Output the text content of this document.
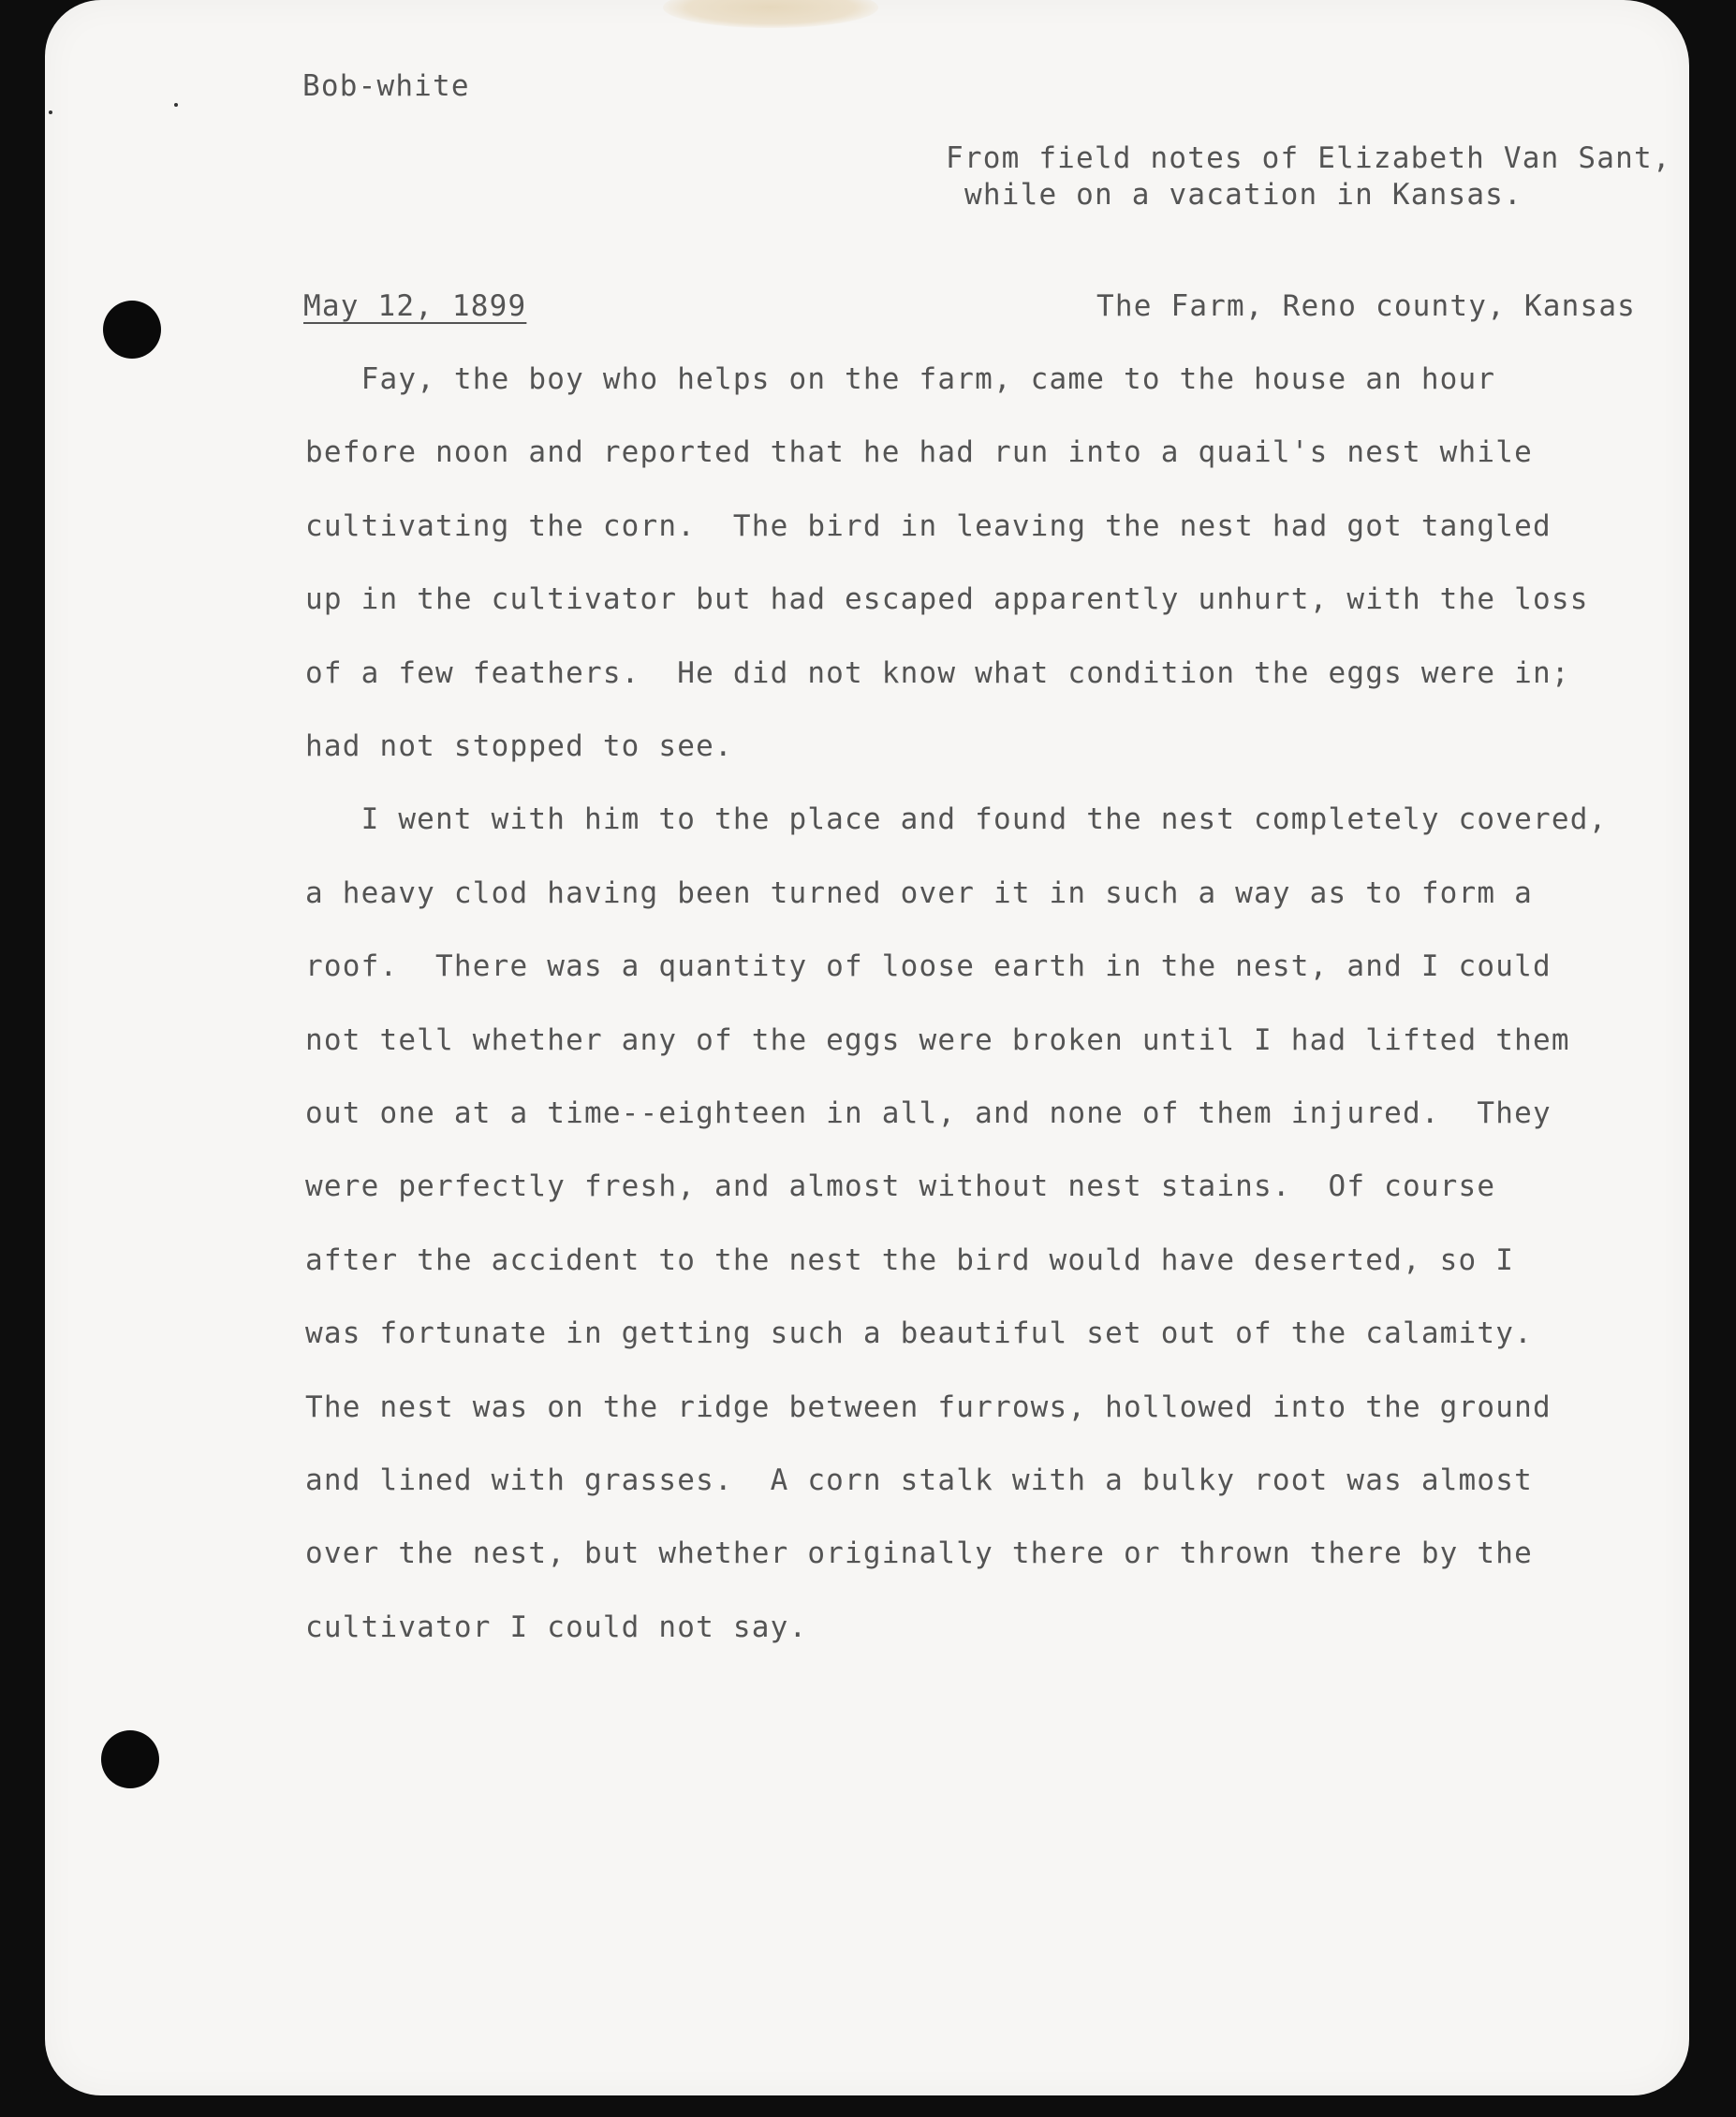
Bob-white
From field notes of Elizabeth Van Sant,
while on a vacation in Kansas.
May 12, 1899	The Farm, Reno county, Kansas
Fay, the boy who helps on the farm, came to the house an hour
before noon and reported that he had run into a quail's nest while
cultivating the corn.  The bird in leaving the nest had got tangled
up in the cultivator but had escaped apparently unhurt, with the loss
of a few feathers.  He did not know what condition the eggs were in;
had not stopped to see.
I went with him to the place and found the nest completely covered,
a heavy clod having been turned over it in such a way as to form a
roof.  There was a quantity of loose earth in the nest, and I could
not tell whether any of the eggs were broken until I had lifted them
out one at a time--eighteen in all, and none of them injured.  They
were perfectly fresh, and almost without nest stains.  Of course
after the accident to the nest the bird would have deserted, so I
was fortunate in getting such a beautiful set out of the calamity.
The nest was on the ridge between furrows, hollowed into the ground
and lined with grasses.  A corn stalk with a bulky root was almost
over the nest, but whether originally there or thrown there by the
cultivator I could not say.
